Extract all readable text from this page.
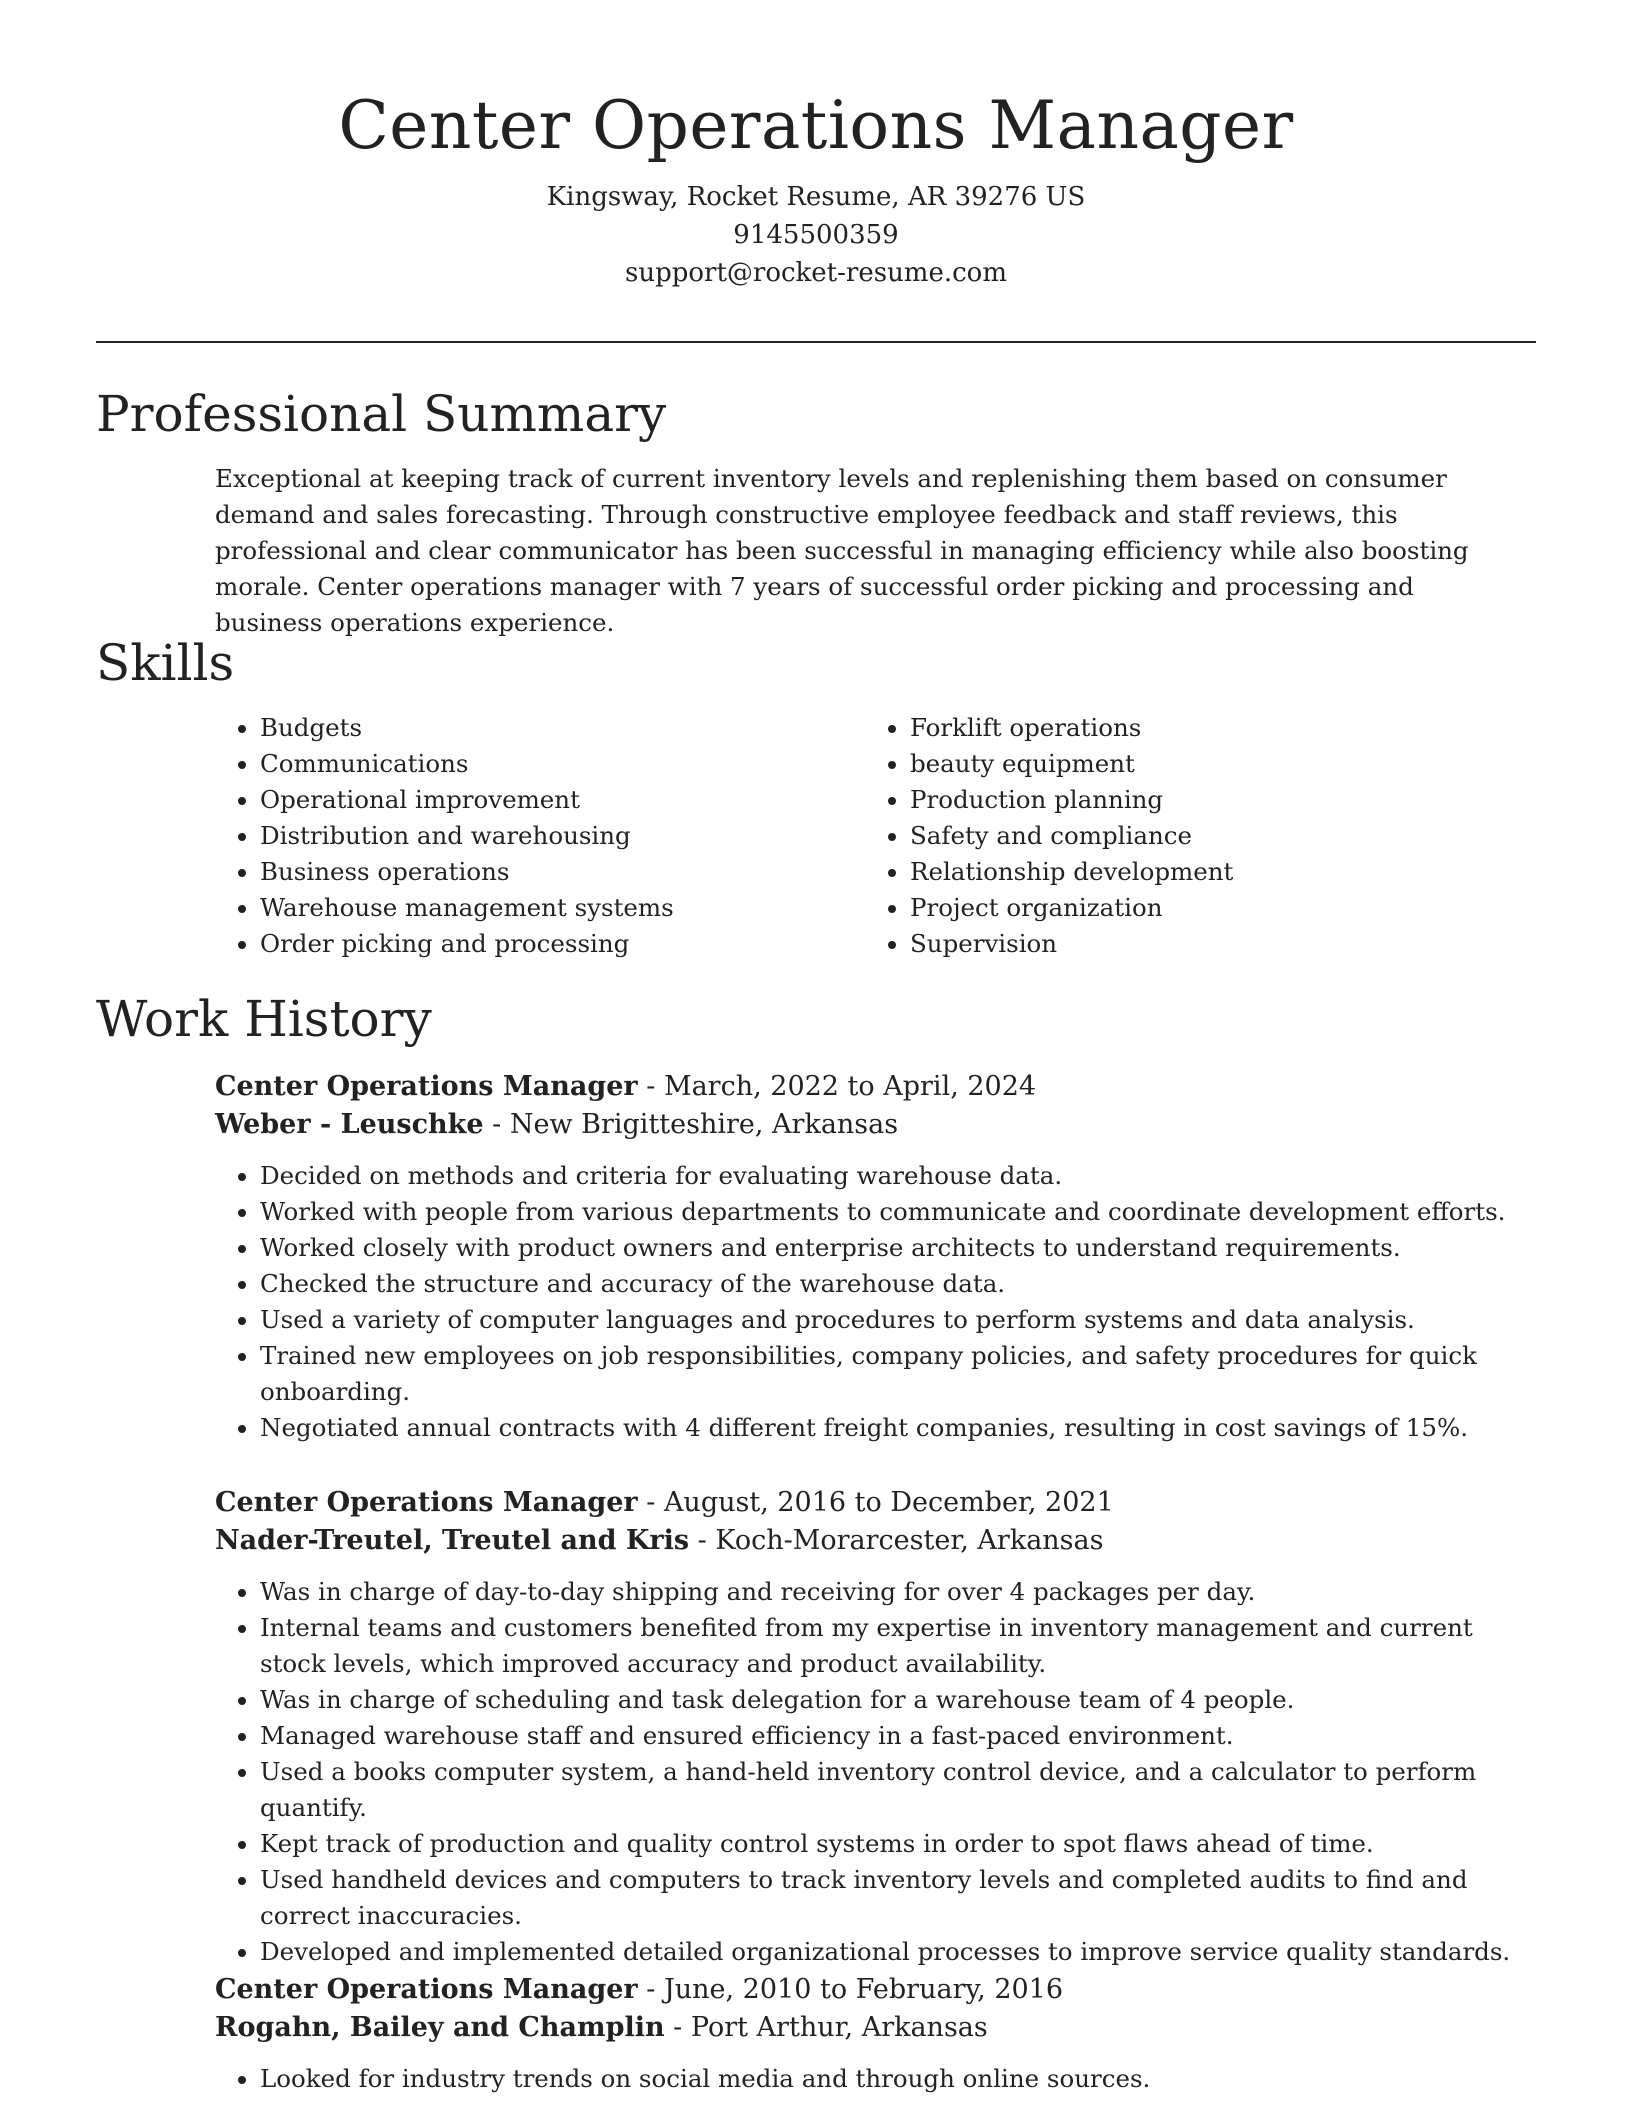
Center Operations Manager
Kingsway, Rocket Resume, AR 39276 US
9145500359
support@rocket-resume.com
Professional Summary
Exceptional at keeping track of current inventory levels and replenishing them based on consumer demand and sales forecasting. Through constructive employee feedback and staff reviews, this professional and clear communicator has been successful in managing efficiency while also boosting morale. Center operations manager with 7 years of successful order picking and processing and business operations experience.
Skills
• Budgets
• Communications
• Operational improvement
• Distribution and warehousing
• Business operations
• Warehouse management systems
• Order picking and processing
• Forklift operations
• beauty equipment
• Production planning
• Safety and compliance
• Relationship development
• Project organization
• Supervision
Work History
Center Operations Manager - March, 2022 to April, 2024
Weber - Leuschke - New Brigitteshire, Arkansas
• Decided on methods and criteria for evaluating warehouse data.
• Worked with people from various departments to communicate and coordinate development efforts.
• Worked closely with product owners and enterprise architects to understand requirements.
• Checked the structure and accuracy of the warehouse data.
• Used a variety of computer languages and procedures to perform systems and data analysis.
• Trained new employees on job responsibilities, company policies, and safety procedures for quick onboarding.
• Negotiated annual contracts with 4 different freight companies, resulting in cost savings of 15%.
Center Operations Manager - August, 2016 to December, 2021
Nader-Treutel, Treutel and Kris - Koch-Morarcester, Arkansas
• Was in charge of day-to-day shipping and receiving for over 4 packages per day.
• Internal teams and customers benefited from my expertise in inventory management and current stock levels, which improved accuracy and product availability.
• Was in charge of scheduling and task delegation for a warehouse team of 4 people.
• Managed warehouse staff and ensured efficiency in a fast-paced environment.
• Used a books computer system, a hand-held inventory control device, and a calculator to perform quantify.
• Kept track of production and quality control systems in order to spot flaws ahead of time.
• Used handheld devices and computers to track inventory levels and completed audits to find and correct inaccuracies.
• Developed and implemented detailed organizational processes to improve service quality standards.
Center Operations Manager - June, 2010 to February, 2016
Rogahn, Bailey and Champlin - Port Arthur, Arkansas
• Looked for industry trends on social media and through online sources.
